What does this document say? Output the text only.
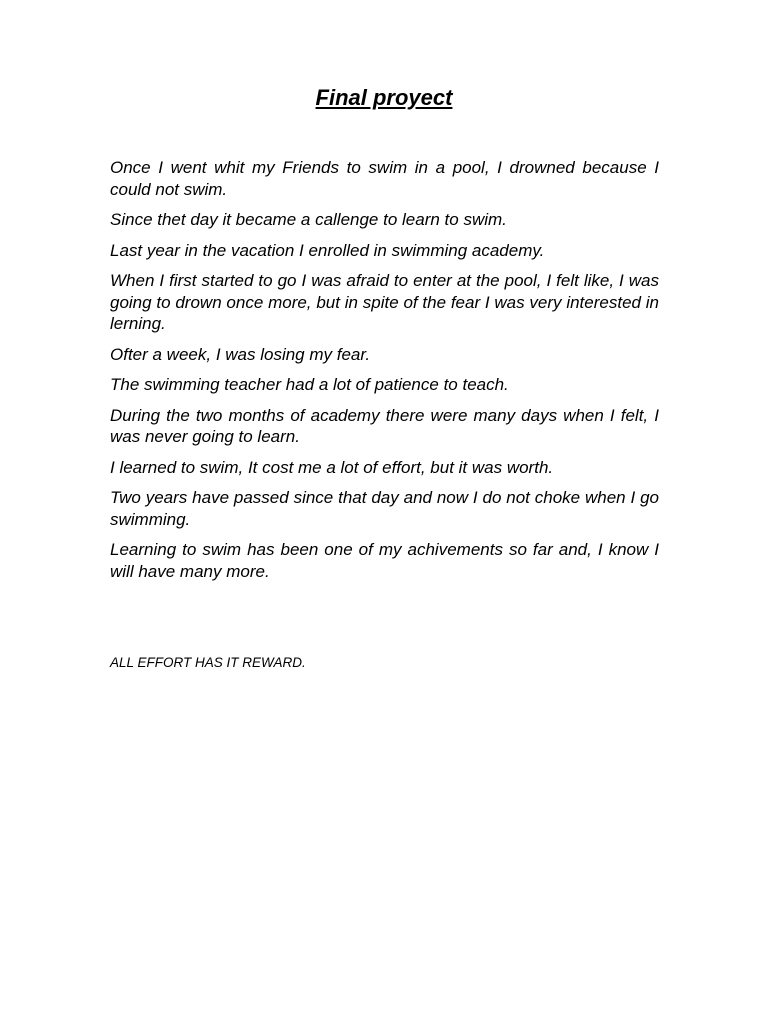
Final proyect

Once I went whit my Friends to swim in a pool, I drowned because I could not swim.

Since thet day it became a callenge to learn to swim.

Last year in the vacation I enrolled in swimming academy.

When I first started to go I was afraid to enter at the pool, I felt like, I was going to drown once more, but in spite of the fear I was very interested in lerning.

Ofter a week, I was losing my fear.

The swimming teacher had a lot of patience to teach.

During the two months of academy there were many days when I felt, I was never going to learn.

I learned to swim, It cost me a lot of effort, but it was worth.

Two years have passed since that day and now I do not choke when I go swimming.

Learning to swim has been one of my achivements so far and, I know I will have many more.

ALL EFFORT HAS IT REWARD.
